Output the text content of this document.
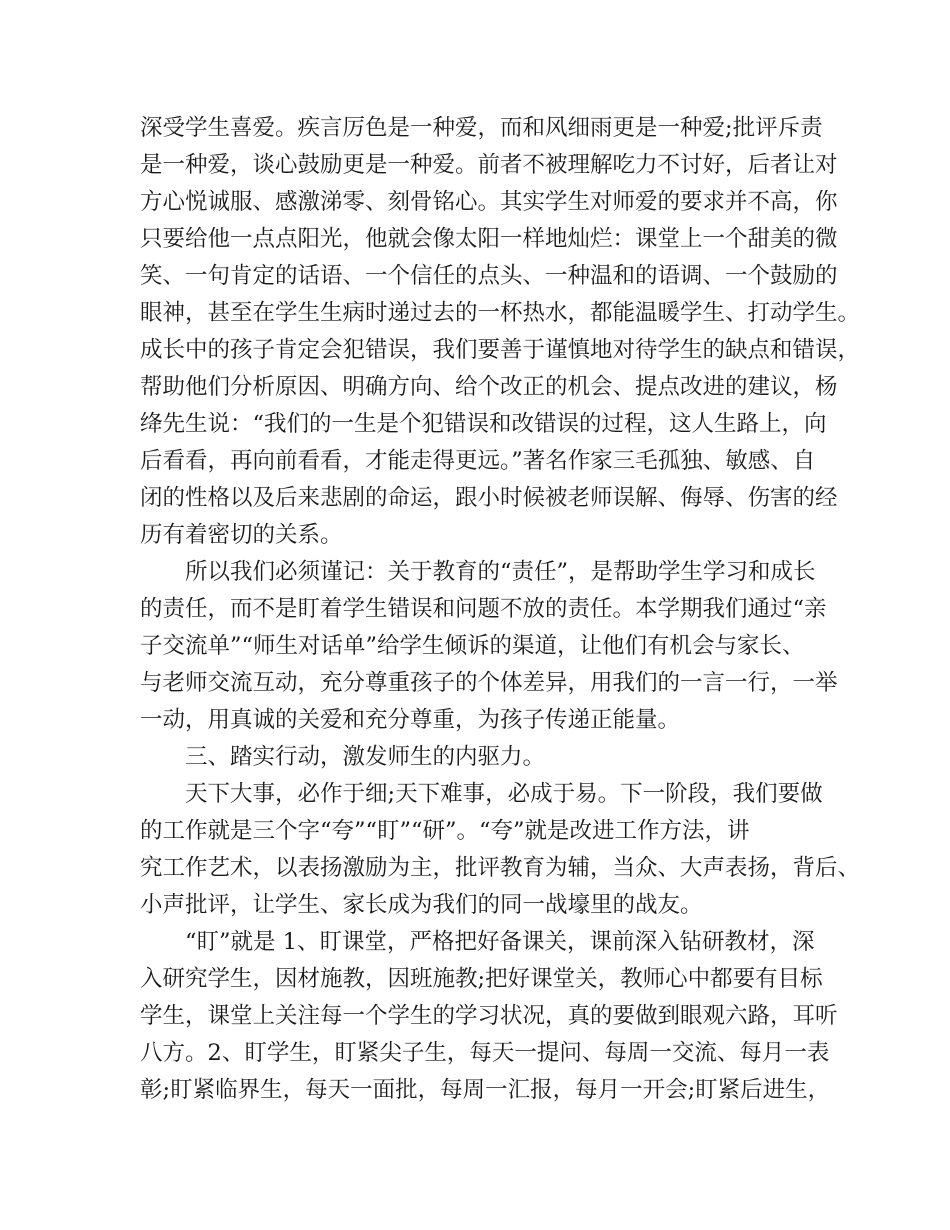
深受学生喜爱。疾言厉色是一种爱，而和风细雨更是一种爱;批评斥责
是一种爱，谈心鼓励更是一种爱。前者不被理解吃力不讨好，后者让对
方心悦诚服、感激涕零、刻骨铭心。其实学生对师爱的要求并不高，你
只要给他一点点阳光，他就会像太阳一样地灿烂：课堂上一个甜美的微
笑、一句肯定的话语、一个信任的点头、一种温和的语调、一个鼓励的
眼神，甚至在学生生病时递过去的一杯热水，都能温暖学生、打动学生。
成长中的孩子肯定会犯错误，我们要善于谨慎地对待学生的缺点和错误，
帮助他们分析原因、明确方向、给个改正的机会、提点改进的建议，杨
绛先生说：“我们的一生是个犯错误和改错误的过程，这人生路上，向
后看看，再向前看看，才能走得更远。”著名作家三毛孤独、敏感、自
闭的性格以及后来悲剧的命运，跟小时候被老师误解、侮辱、伤害的经
历有着密切的关系。
　　所以我们必须谨记：关于教育的“责任”，是帮助学生学习和成长
的责任，而不是盯着学生错误和问题不放的责任。本学期我们通过“亲
子交流单”“师生对话单”给学生倾诉的渠道，让他们有机会与家长、
与老师交流互动，充分尊重孩子的个体差异，用我们的一言一行，一举
一动，用真诚的关爱和充分尊重，为孩子传递正能量。
　　三、踏实行动，激发师生的内驱力。
　　天下大事，必作于细;天下难事，必成于易。下一阶段，我们要做
的工作就是三个字“夸”“盯”“研”。“夸”就是改进工作方法，讲
究工作艺术，以表扬激励为主，批评教育为辅，当众、大声表扬，背后、
小声批评，让学生、家长成为我们的同一战壕里的战友。
　　“盯”就是 1、盯课堂，严格把好备课关，课前深入钻研教材，深
入研究学生，因材施教，因班施教;把好课堂关，教师心中都要有目标
学生，课堂上关注每一个学生的学习状况，真的要做到眼观六路，耳听
八方。2、盯学生，盯紧尖子生，每天一提问、每周一交流、每月一表
彰;盯紧临界生，每天一面批，每周一汇报，每月一开会;盯紧后进生，
